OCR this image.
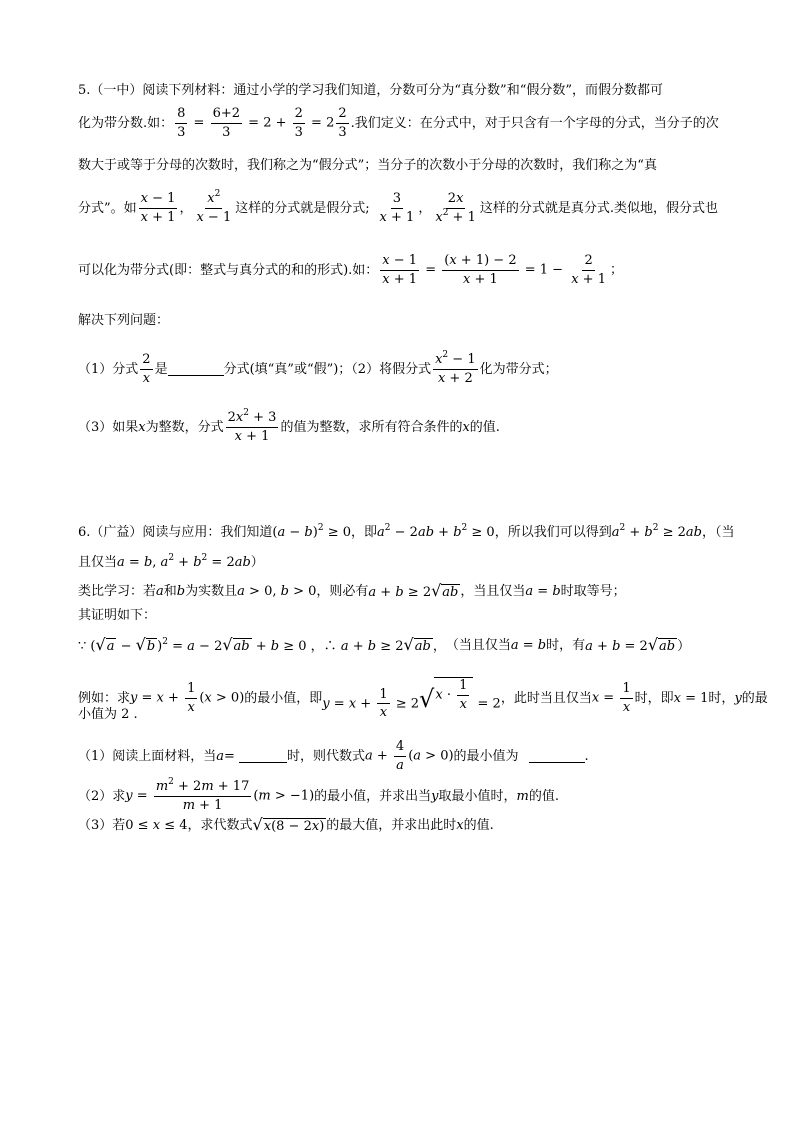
5.（一中）阅读下列材料：通过小学的学习我们知道，分数可分为“真分数”和“假分数”，而假分数都可
化为带分数.如： $\frac{8}{3} = \frac{6+2}{3} = 2 + \frac{2}{3} = 2 \frac{2}{3}$ .我们定义：在分式中，对于只含有一个字母的分式，当分子的次
数大于或等于分母的次数时，我们称之为“假分式”；当分子的次数小于分母的次数时，我们称之为“真
分式”。如 $\frac{x - 1}{x + 1}$ ， $\frac{x^2}{x - 1}$ 这样的分式就是假分式; $\frac{3}{x + 1}$ ， $\frac{2x}{x^2 + 1}$ 这样的分式就是真分式.类似地，假分式也
可以化为带分式(即：整式与真分式的和的形式).如： $\frac{x - 1}{x + 1} = \frac{(x + 1) - 2}{x + 1} = 1 - \frac{2}{x + 1}$ ；
解决下列问题：
（1）分式 $\frac{2}{x}$ 是	分式(填“真”或“假”)；（2）将假分式 $\frac{x^2 - 1}{x + 2}$ 化为带分式；
（3）如果 x 为整数，分式 $\frac{2x^2 + 3}{x + 1}$ 的值为整数，求所有符合条件的 x 的值.
6.（广益）阅读与应用：我们知道 $(a - b)^2 \ge 0$ ，即 $a^2 - 2ab + b^2 \ge 0$ ，所以我们可以得到 $a^2 + b^2 \ge 2ab$ ，（当
且仅当 a = b, $a^2 + b^2 = 2ab$ ）
类比学习：若 a 和 b 为实数且 a > 0, b > 0 ，则必有 a + b ≥ 2 √ ab ，当且仅当 a = b 时取等号；
其证明如下：
∵ ( √ a − √ b )$^2$ = a − 2 √ ab + b ≥ 0 ，∴ a + b ≥ 2 √ ab ， （当且仅当 a = b 时，有 a + b = 2 √ ab ）
例如：求 $y = x + \frac{1}{x} (x > 0)$ 的最小值，即 $y = x + \frac{1}{x} \ge 2$ √ $x \cdot \frac{1}{x} = 2$ ，此时当且仅当 $x = \frac{1}{x}$ 时，即 x = 1 时， y 的最
小值为 2 .
（1）阅读上面材料，当 a =	时，则代数式 $a + \frac{4}{a} (a > 0)$ 的最小值为	.
（2）求 $y = \frac{m^2 + 2m + 17}{m + 1} (m > -1)$ 的最小值，并求出当 y 取最小值时， m 的值.
（3）若 0 ≤ x ≤ 4 ，求代数式 √ x(8 − 2x) 的最大值，并求出此时 x 的值.
